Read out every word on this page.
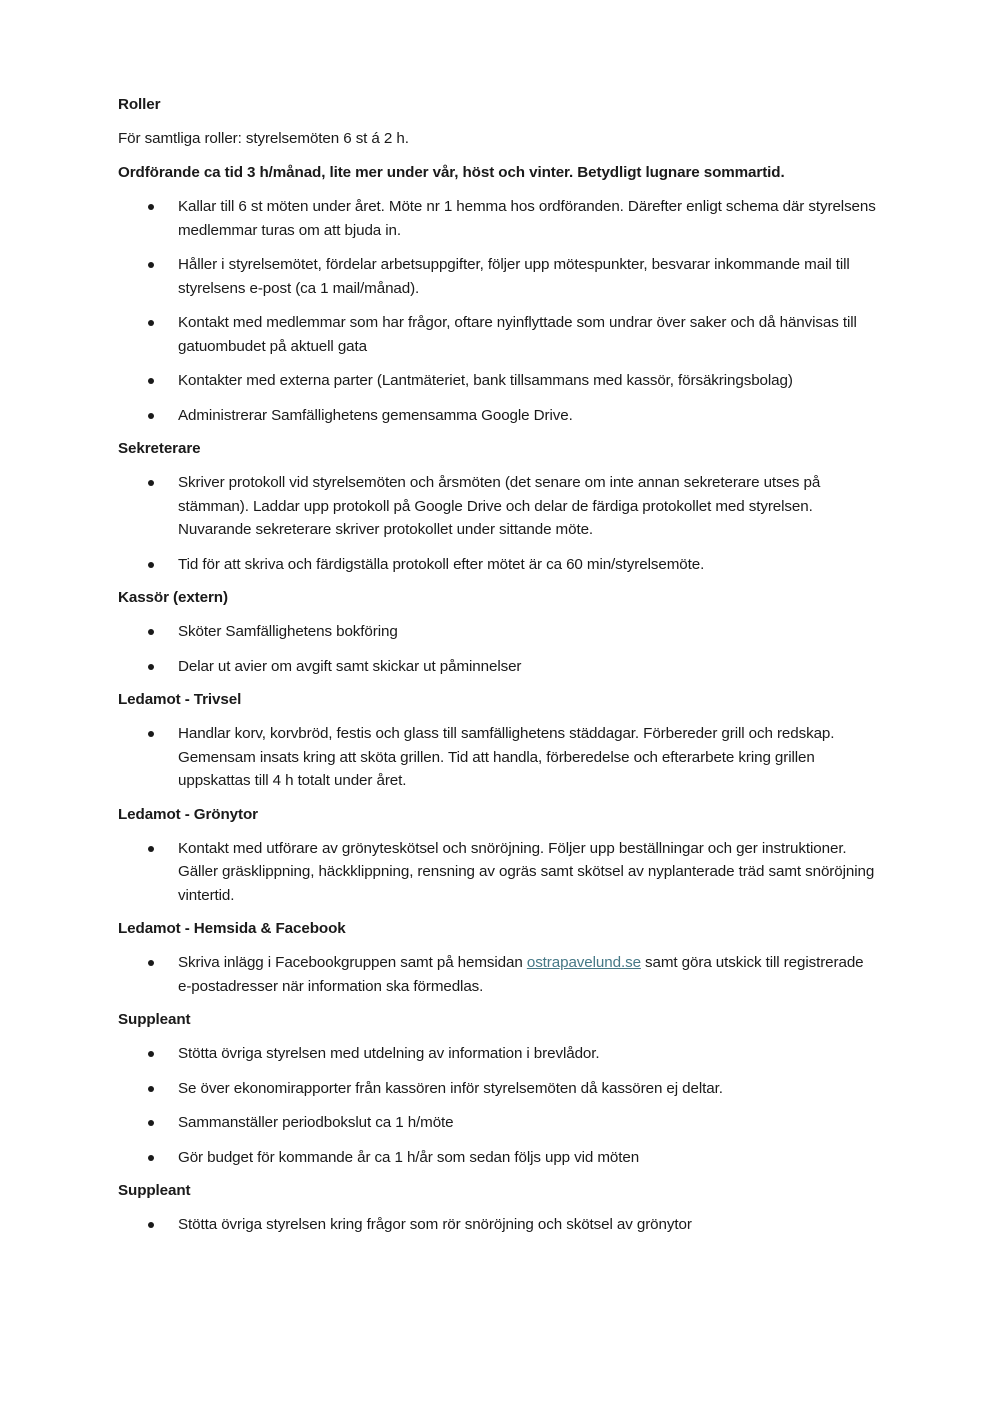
Roller

För samtliga roller: styrelsemöten 6 st á 2 h.

Ordförande ca tid 3 h/månad, lite mer under vår, höst och vinter. Betydligt lugnare sommartid.

Kallar till 6 st möten under året. Möte nr 1 hemma hos ordföranden. Därefter enligt schema där styrelsens medlemmar turas om att bjuda in.
Håller i styrelsemötet, fördelar arbetsuppgifter, följer upp mötespunkter, besvarar inkommande mail till styrelsens e-post (ca 1 mail/månad).
Kontakt med medlemmar som har frågor, oftare nyinflyttade som undrar över saker och då hänvisas till gatuombudet på aktuell gata
Kontakter med externa parter (Lantmäteriet, bank tillsammans med kassör, försäkringsbolag)
Administrerar Samfällighetens gemensamma Google Drive.

Sekreterare

Skriver protokoll vid styrelsemöten och årsmöten (det senare om inte annan sekreterare utses på stämman). Laddar upp protokoll på Google Drive och delar de färdiga protokollet med styrelsen. Nuvarande sekreterare skriver protokollet under sittande möte.
Tid för att skriva och färdigställa protokoll efter mötet är ca 60 min/styrelsemöte.

Kassör (extern)

Sköter Samfällighetens bokföring
Delar ut avier om avgift samt skickar ut påminnelser

Ledamot - Trivsel

Handlar korv, korvbröd, festis och glass till samfällighetens städdagar. Förbereder grill och redskap. Gemensam insats kring att sköta grillen. Tid att handla, förberedelse och efterarbete kring grillen uppskattas till 4 h totalt under året.

Ledamot - Grönytor

Kontakt med utförare av grönyteskötsel och snöröjning. Följer upp beställningar och ger instruktioner. Gäller gräsklippning, häckklippning, rensning av ogräs samt skötsel av nyplanterade träd samt snöröjning vintertid.

Ledamot - Hemsida & Facebook

Skriva inlägg i Facebookgruppen samt på hemsidan ostrapavelund.se samt göra utskick till registrerade e-postadresser när information ska förmedlas.

Suppleant

Stötta övriga styrelsen med utdelning av information i brevlådor.
Se över ekonomirapporter från kassören inför styrelsemöten då kassören ej deltar.
Sammanställer periodbokslut ca 1 h/möte
Gör budget för kommande år ca 1 h/år som sedan följs upp vid möten

Suppleant

Stötta övriga styrelsen kring frågor som rör snöröjning och skötsel av grönytor
